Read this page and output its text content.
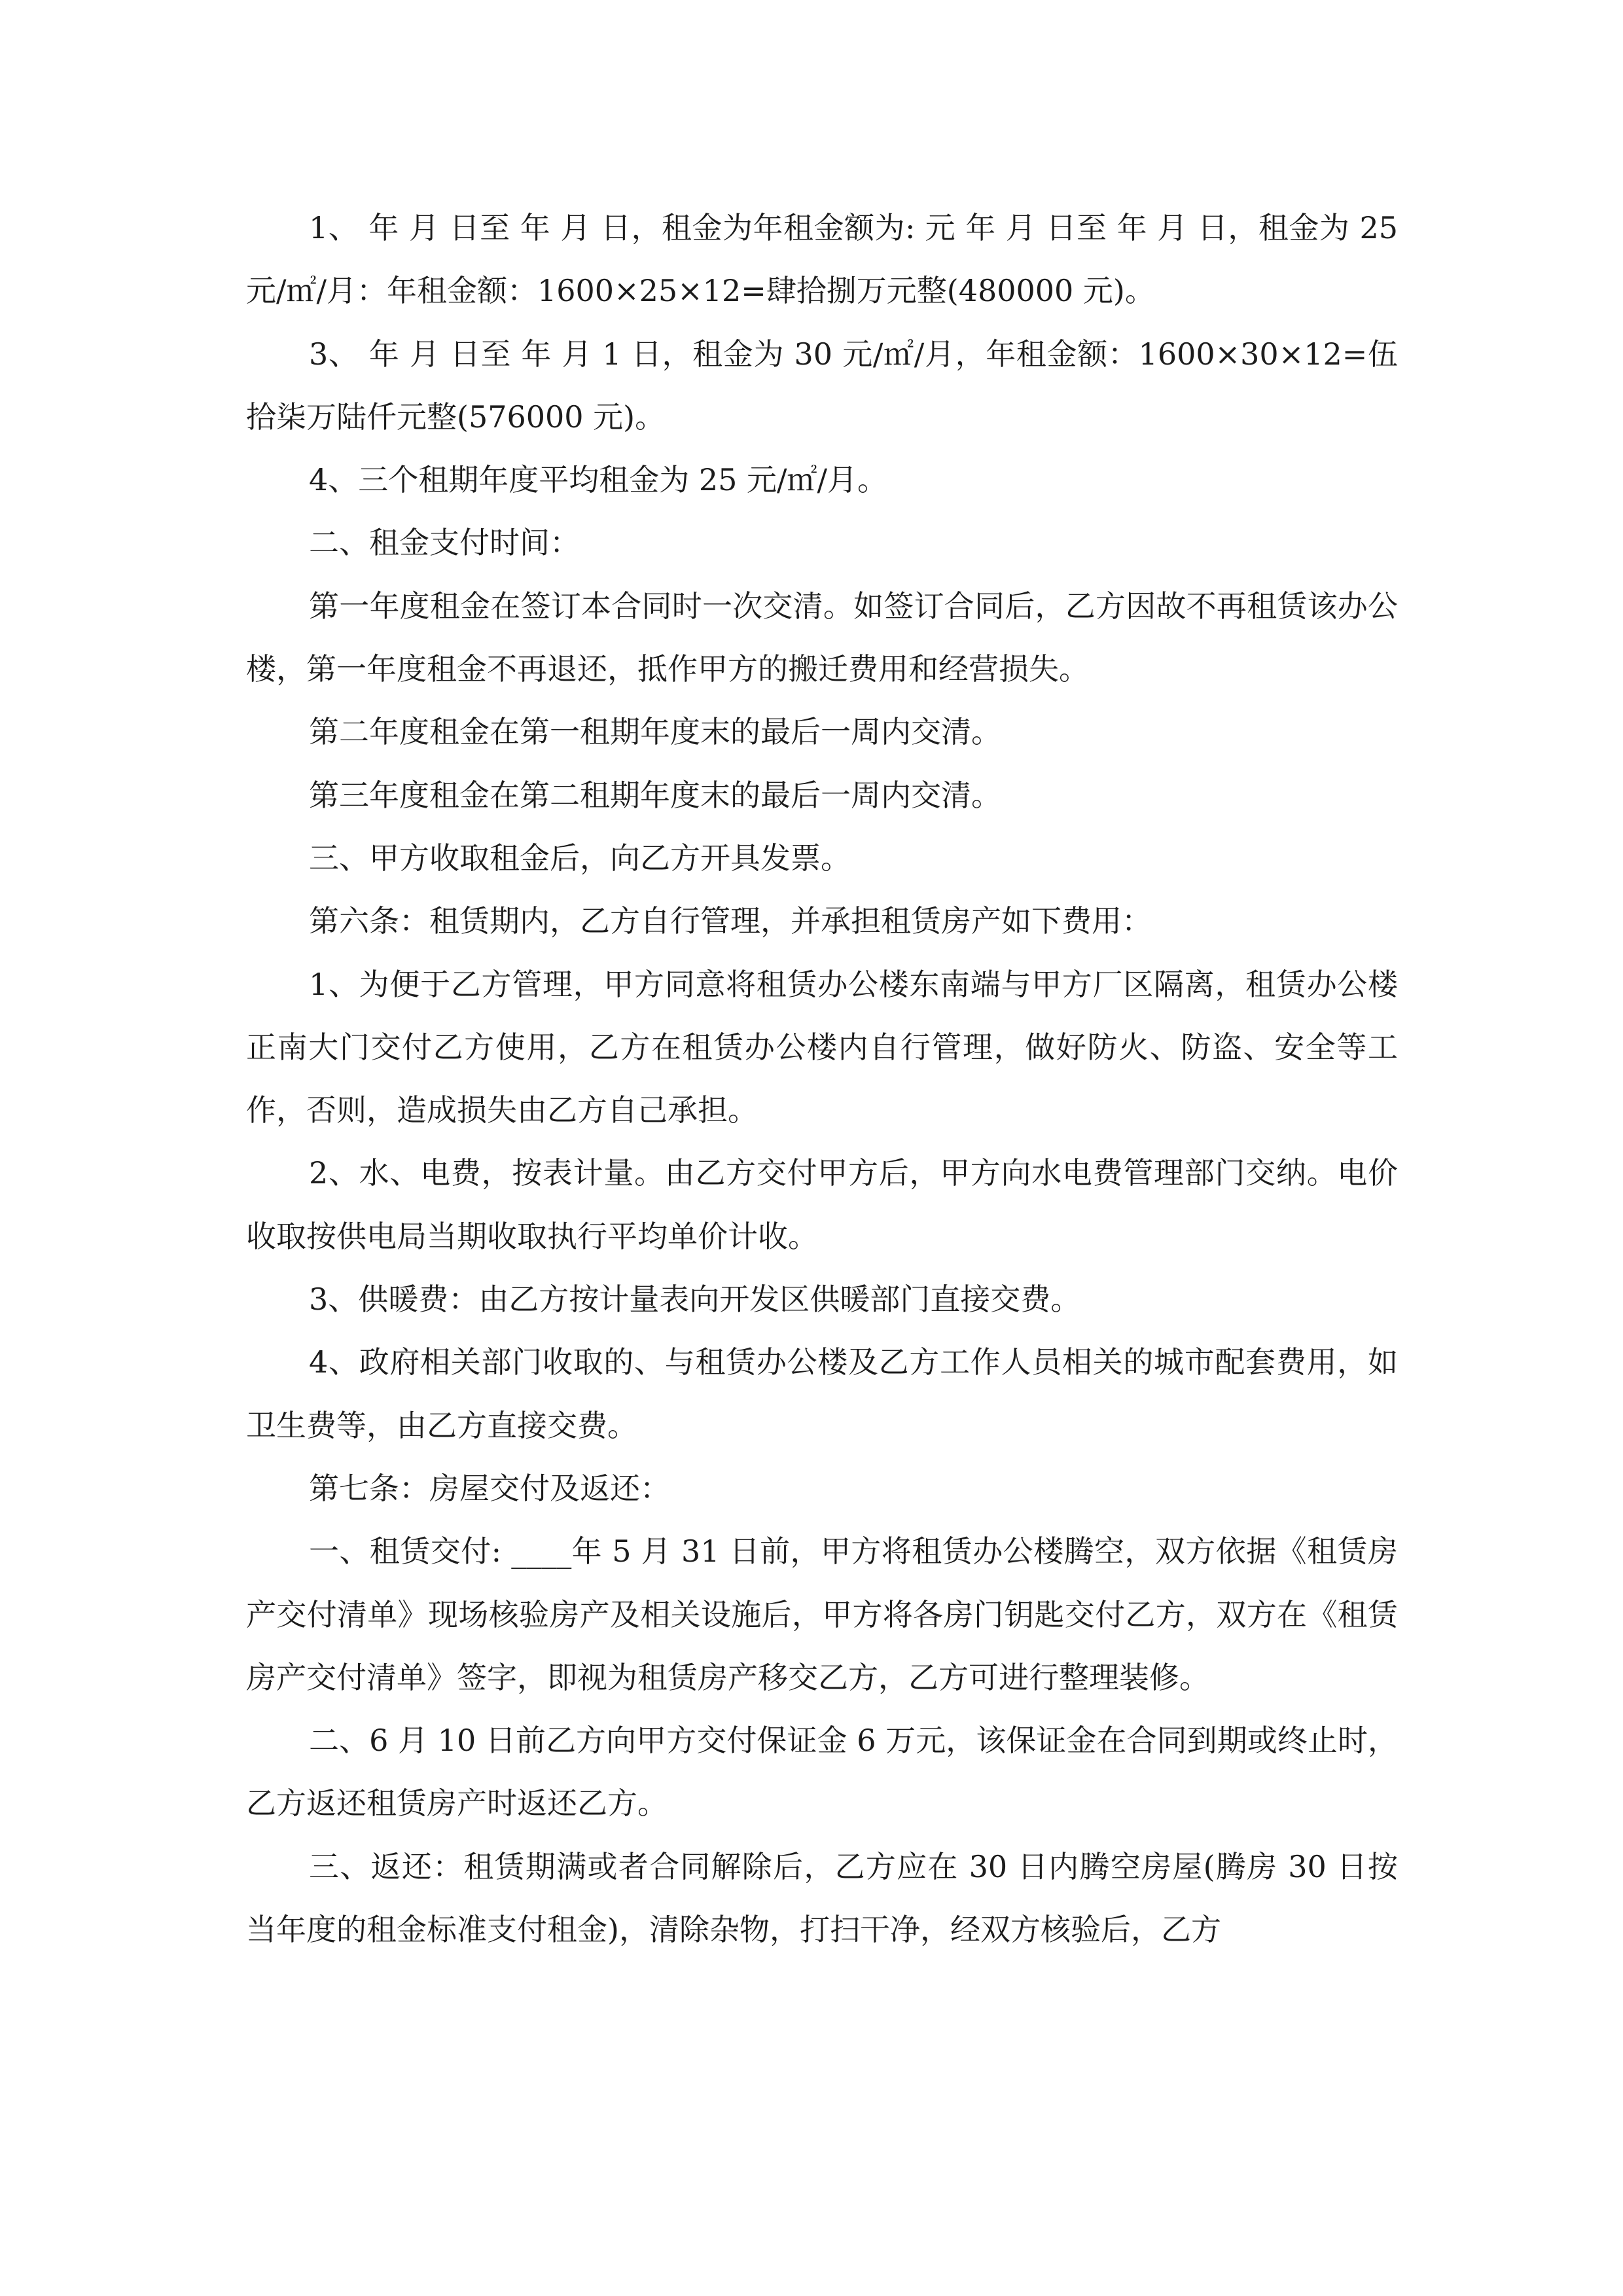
1、 年 月 日至 年 月 日，租金为年租金额为: 元 年 月 日至 年 月 日，租金为 25 元/㎡/月：年租金额：1600×25×12=肆拾捌万元整(480000 元)。

3、 年 月 日至 年 月 1 日，租金为 30 元/㎡/月，年租金额：1600×30×12=伍拾柒万陆仟元整(576000 元)。

4、三个租期年度平均租金为 25 元/㎡/月。

二、租金支付时间：

第一年度租金在签订本合同时一次交清。如签订合同后，乙方因故不再租赁该办公楼，第一年度租金不再退还，抵作甲方的搬迁费用和经营损失。

第二年度租金在第一租期年度末的最后一周内交清。

第三年度租金在第二租期年度末的最后一周内交清。

三、甲方收取租金后，向乙方开具发票。

第六条：租赁期内，乙方自行管理，并承担租赁房产如下费用：

1、为便于乙方管理，甲方同意将租赁办公楼东南端与甲方厂区隔离，租赁办公楼正南大门交付乙方使用，乙方在租赁办公楼内自行管理，做好防火、防盗、安全等工作，否则，造成损失由乙方自己承担。

2、水、电费，按表计量。由乙方交付甲方后，甲方向水电费管理部门交纳。电价收取按供电局当期收取执行平均单价计收。

3、供暖费：由乙方按计量表向开发区供暖部门直接交费。

4、政府相关部门收取的、与租赁办公楼及乙方工作人员相关的城市配套费用，如卫生费等，由乙方直接交费。

第七条：房屋交付及返还：

一、租赁交付: ____年 5 月 31 日前，甲方将租赁办公楼腾空，双方依据《租赁房产交付清单》现场核验房产及相关设施后，甲方将各房门钥匙交付乙方，双方在《租赁房产交付清单》签字，即视为租赁房产移交乙方，乙方可进行整理装修。

二、6 月 10 日前乙方向甲方交付保证金 6 万元，该保证金在合同到期或终止时，乙方返还租赁房产时返还乙方。

三、返还：租赁期满或者合同解除后，乙方应在 30 日内腾空房屋(腾房 30 日按当年度的租金标准支付租金)，清除杂物，打扫干净，经双方核验后，乙方
